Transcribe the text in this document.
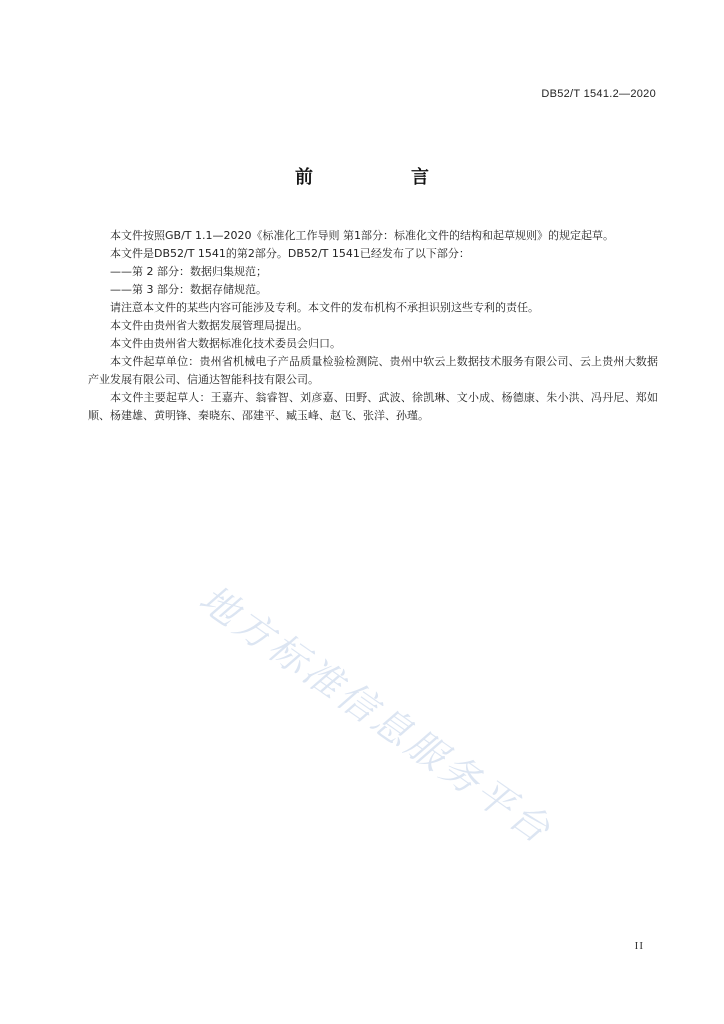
DB52/T 1541.2—2020
前　言

本文件按照GB/T 1.1—2020《标准化工作导则 第1部分：标准化文件的结构和起草规则》的规定起草。

本文件是DB52/T 1541的第2部分。DB52/T 1541已经发布了以下部分：

——第 2 部分：数据归集规范；

——第 3 部分：数据存储规范。

请注意本文件的某些内容可能涉及专利。本文件的发布机构不承担识别这些专利的责任。

本文件由贵州省大数据发展管理局提出。

本文件由贵州省大数据标准化技术委员会归口。

本文件起草单位：贵州省机械电子产品质量检验检测院、贵州中软云上数据技术服务有限公司、云上贵州大数据产业发展有限公司、信通达智能科技有限公司。

本文件主要起草人：王嘉卉、翁睿智、刘彦嘉、田野、武波、徐凯琳、文小成、杨德康、朱小洪、冯丹尼、郑如顺、杨建雄、黄明锋、秦晓东、邵建平、臧玉峰、赵飞、张洋、孙瑾。

地方标准信息服务平台
II
